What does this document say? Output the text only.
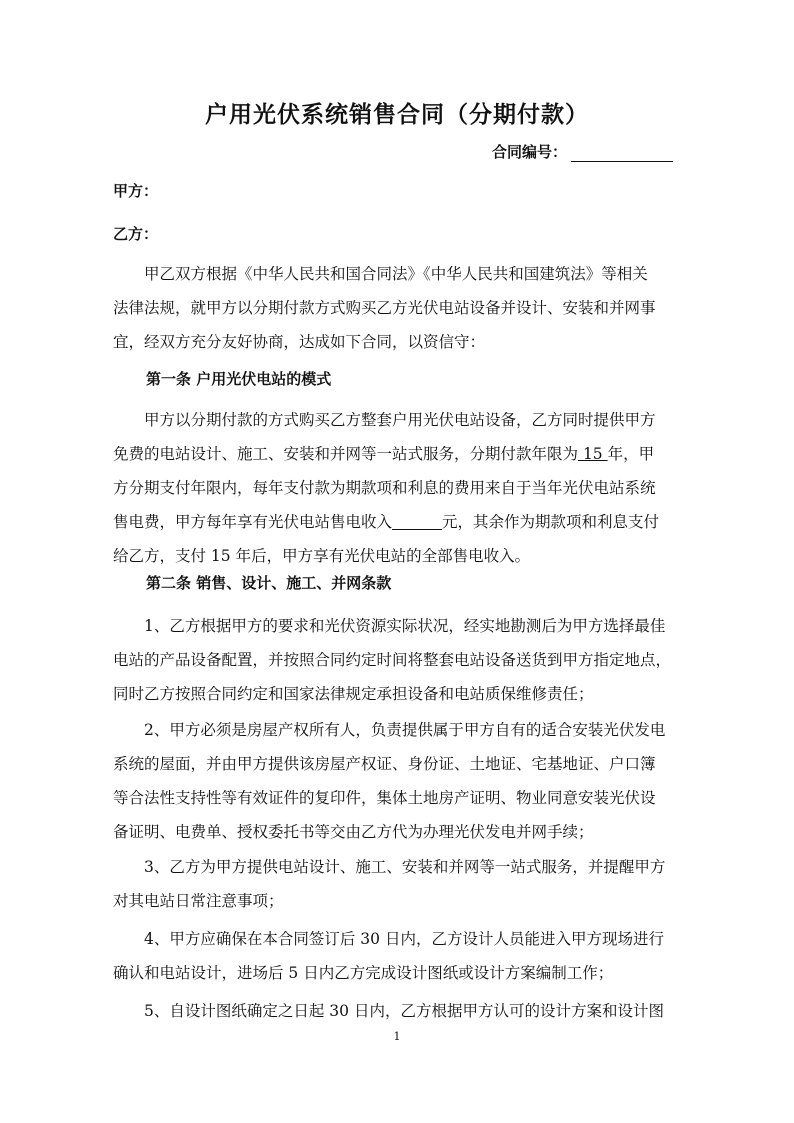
户用光伏系统销售合同（分期付款）
合同编号：
甲方：
乙方：

甲乙双方根据《中华人民共和国合同法》《中华人民共和国建筑法》等相关

法律法规，就甲方以分期付款方式购买乙方光伏电站设备并设计、安装和并网事

宜，经双方充分友好协商，达成如下合同，以资信守：

第一条 户用光伏电站的模式

甲方以分期付款的方式购买乙方整套户用光伏电站设备，乙方同时提供甲方

免费的电站设计、施工、安装和并网等一站式服务，分期付款年限为 15 年，甲

方分期支付年限内，每年支付款为期款项和利息的费用来自于当年光伏电站系统

售电费，甲方每年享有光伏电站售电收入	元，其余作为期款项和利息支付

给乙方，支付 15 年后，甲方享有光伏电站的全部售电收入。

第二条 销售、设计、施工、并网条款

1、乙方根据甲方的要求和光伏资源实际状况，经实地勘测后为甲方选择最佳

电站的产品设备配置，并按照合同约定时间将整套电站设备送货到甲方指定地点，

同时乙方按照合同约定和国家法律规定承担设备和电站质保维修责任；

2、甲方必须是房屋产权所有人，负责提供属于甲方自有的适合安装光伏发电

系统的屋面，并由甲方提供该房屋产权证、身份证、土地证、宅基地证、户口簿

等合法性支持性等有效证件的复印件，集体土地房产证明、物业同意安装光伏设

备证明、电费单、授权委托书等交由乙方代为办理光伏发电并网手续；

3、乙方为甲方提供电站设计、施工、安装和并网等一站式服务，并提醒甲方

对其电站日常注意事项；

4、甲方应确保在本合同签订后 30 日内，乙方设计人员能进入甲方现场进行

确认和电站设计，进场后 5 日内乙方完成设计图纸或设计方案编制工作；

5、自设计图纸确定之日起 30 日内，乙方根据甲方认可的设计方案和设计图

1
